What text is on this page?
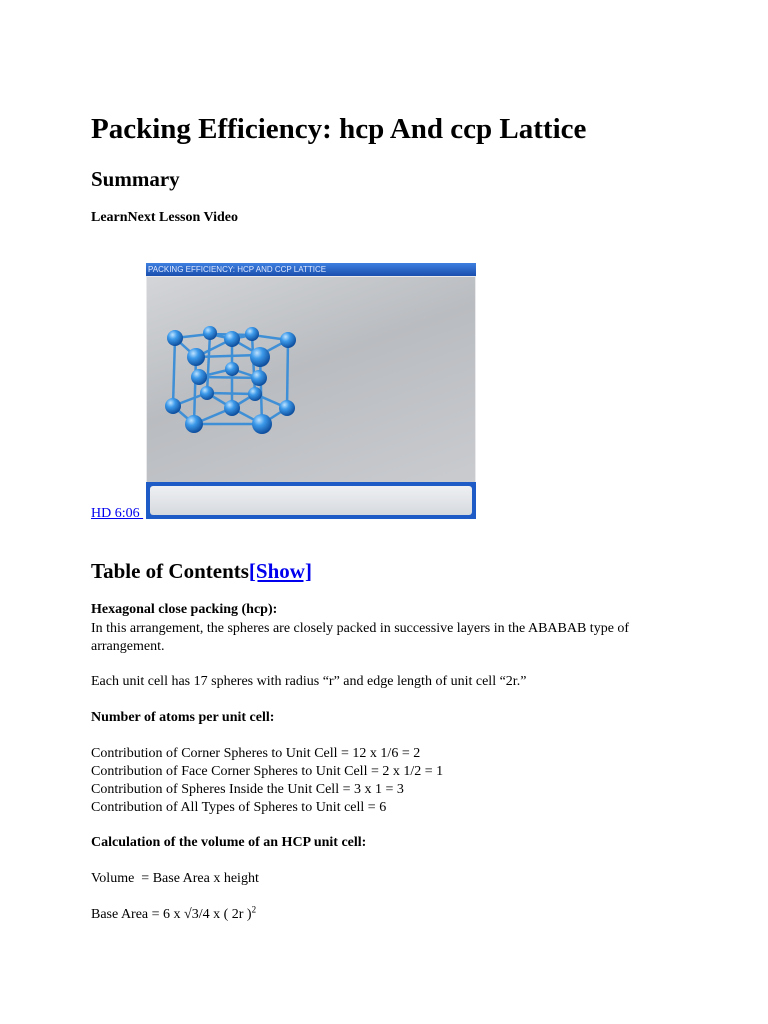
Packing Efficiency: hcp And ccp Lattice
Summary
LearnNext Lesson Video
HD 6:06
PACKING EFFICIENCY: HCP AND CCP LATTICE
Table of Contents[Show]
Hexagonal close packing (hcp):
In this arrangement, the spheres are closely packed in successive layers in the ABABAB type of
arrangement.
Each unit cell has 17 spheres with radius “r” and edge length of unit cell “2r.”
Number of atoms per unit cell:
Contribution of Corner Spheres to Unit Cell = 12 x 1/6 = 2
Contribution of Face Corner Spheres to Unit Cell = 2 x 1/2 = 1
Contribution of Spheres Inside the Unit Cell = 3 x 1 = 3
Contribution of All Types of Spheres to Unit cell = 6
Calculation of the volume of an HCP unit cell:
Volume  = Base Area x height
Base Area = 6 x √3/4 x ( 2r )$^2$
